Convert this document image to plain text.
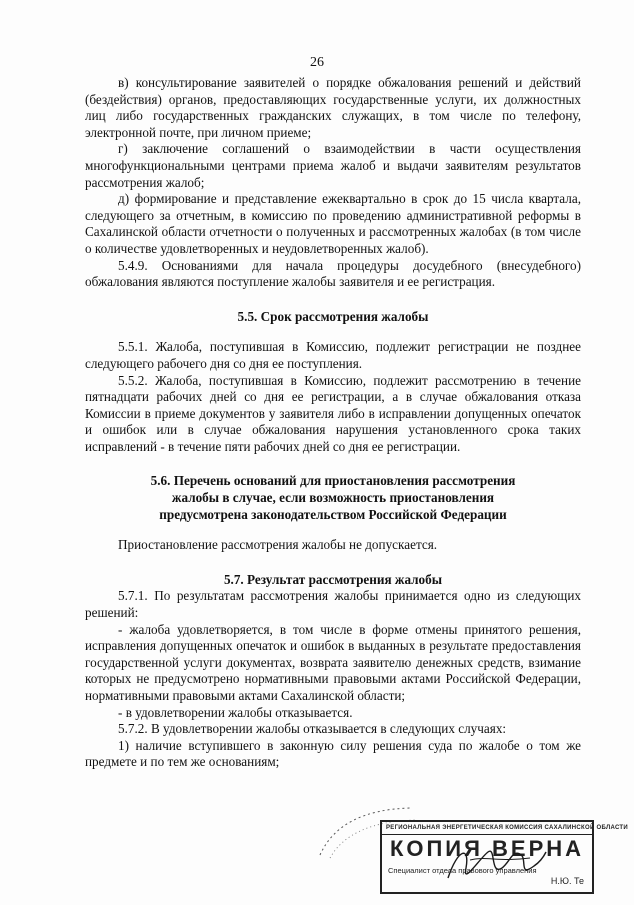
26

в) консультирование заявителей о порядке обжалования решений и действий (бездействия) органов, предоставляющих государственные услуги, их должностных лиц либо государственных гражданских служащих, в том числе по телефону, электронной почте, при личном приеме;

г) заключение соглашений о взаимодействии в части осуществления многофункциональными центрами приема жалоб и выдачи заявителям результатов рассмотрения жалоб;

д) формирование и представление ежеквартально в срок до 15 числа квартала, следующего за отчетным, в комиссию по проведению административной реформы в Сахалинской области отчетности о полученных и рассмотренных жалобах (в том числе о количестве удовлетворенных и неудовлетворенных жалоб).

5.4.9. Основаниями для начала процедуры досудебного (внесудебного) обжалования являются поступление жалобы заявителя и ее регистрация.

5.5. Срок рассмотрения жалобы

5.5.1. Жалоба, поступившая в Комиссию, подлежит регистрации не позднее следующего рабочего дня со дня ее поступления.

5.5.2. Жалоба, поступившая в Комиссию, подлежит рассмотрению в течение пятнадцати рабочих дней со дня ее регистрации, а в случае обжалования отказа Комиссии в приеме документов у заявителя либо в исправлении допущенных опечаток и ошибок или в случае обжалования нарушения установленного срока таких исправлений - в течение пяти рабочих дней со дня ее регистрации.

5.6. Перечень оснований для приостановления рассмотрения
жалобы в случае, если возможность приостановления
предусмотрена законодательством Российской Федерации

Приостановление рассмотрения жалобы не допускается.

5.7. Результат рассмотрения жалобы

5.7.1. По результатам рассмотрения жалобы принимается одно из следующих решений:

- жалоба удовлетворяется, в том числе в форме отмены принятого решения, исправления допущенных опечаток и ошибок в выданных в результате предоставления государственной услуги документах, возврата заявителю денежных средств, взимание которых не предусмотрено нормативными правовыми актами Российской Федерации, нормативными правовыми актами Сахалинской области;

- в удовлетворении жалобы отказывается.

5.7.2. В удовлетворении жалобы отказывается в следующих случаях:

1) наличие вступившего в законную силу решения суда по жалобе о том же предмете и по тем же основаниям;

РЕГИОНАЛЬНАЯ ЭНЕРГЕТИЧЕСКАЯ КОМИССИЯ САХАЛИНСКОЙ ОБЛАСТИ
КОПИЯ ВЕРНА
Специалист отдела правового управления
Н.Ю. Те
